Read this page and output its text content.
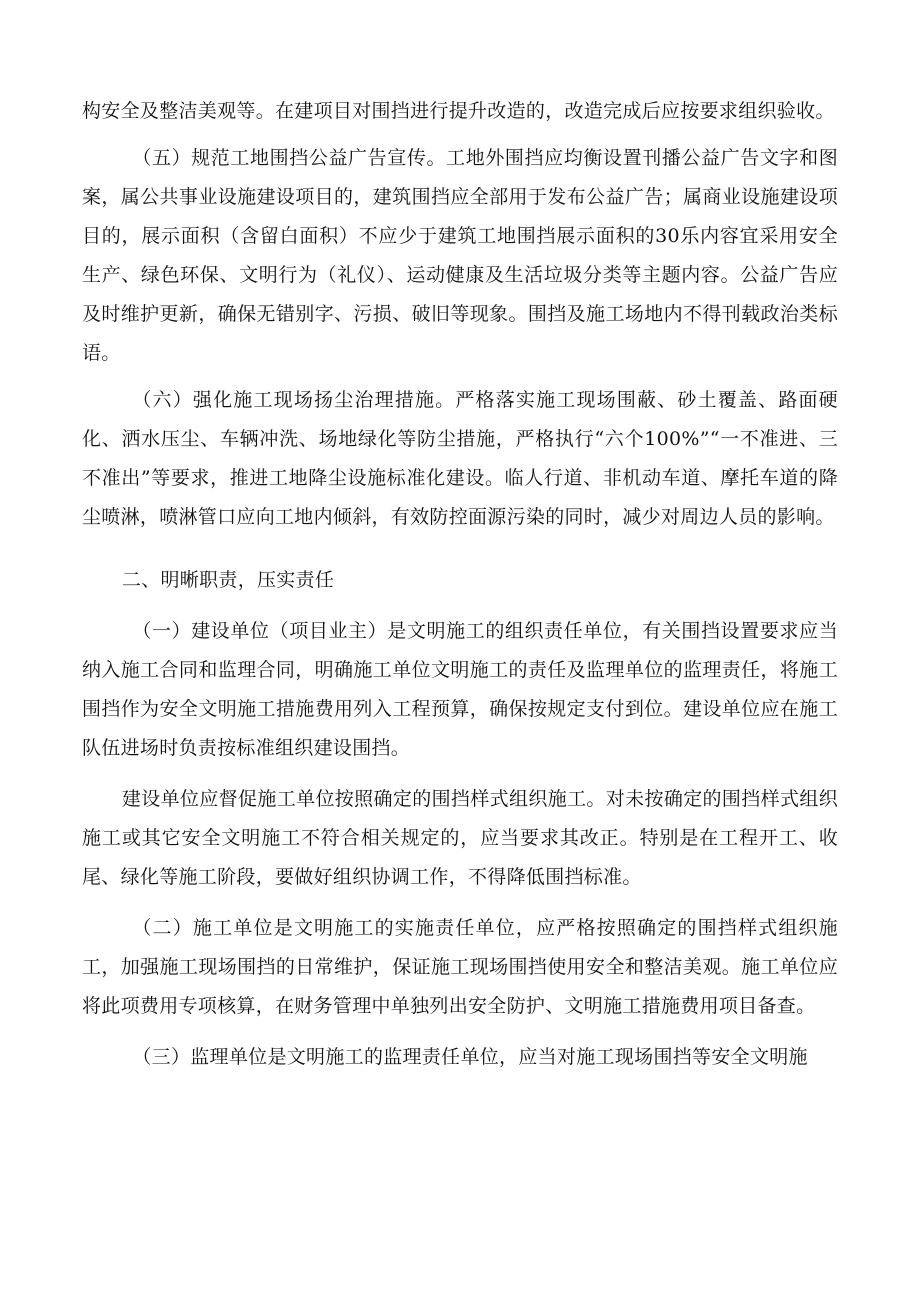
构安全及整洁美观等。在建项目对围挡进行提升改造的，改造完成后应按要求组织验收。

（五）规范工地围挡公益广告宣传。工地外围挡应均衡设置刊播公益广告文字和图案，属公共事业设施建设项目的，建筑围挡应全部用于发布公益广告；属商业设施建设项目的，展示面积（含留白面积）不应少于建筑工地围挡展示面积的30乐内容宜采用安全生产、绿色环保、文明行为（礼仪）、运动健康及生活垃圾分类等主题内容。公益广告应及时维护更新，确保无错别字、污损、破旧等现象。围挡及施工场地内不得刊载政治类标语。

（六）强化施工现场扬尘治理措施。严格落实施工现场围蔽、砂土覆盖、路面硬化、洒水压尘、车辆冲洗、场地绿化等防尘措施，严格执行“六个100%”“一不准进、三不准出”等要求，推进工地降尘设施标准化建设。临人行道、非机动车道、摩托车道的降尘喷淋，喷淋管口应向工地内倾斜，有效防控面源污染的同时，减少对周边人员的影响。

二、明晰职责，压实责任

（一）建设单位（项目业主）是文明施工的组织责任单位，有关围挡设置要求应当纳入施工合同和监理合同，明确施工单位文明施工的责任及监理单位的监理责任，将施工围挡作为安全文明施工措施费用列入工程预算，确保按规定支付到位。建设单位应在施工队伍进场时负责按标准组织建设围挡。

建设单位应督促施工单位按照确定的围挡样式组织施工。对未按确定的围挡样式组织施工或其它安全文明施工不符合相关规定的，应当要求其改正。特别是在工程开工、收尾、绿化等施工阶段，要做好组织协调工作，不得降低围挡标准。

（二）施工单位是文明施工的实施责任单位，应严格按照确定的围挡样式组织施工，加强施工现场围挡的日常维护，保证施工现场围挡使用安全和整洁美观。施工单位应将此项费用专项核算，在财务管理中单独列出安全防护、文明施工措施费用项目备查。

（三）监理单位是文明施工的监理责任单位，应当对施工现场围挡等安全文明施
